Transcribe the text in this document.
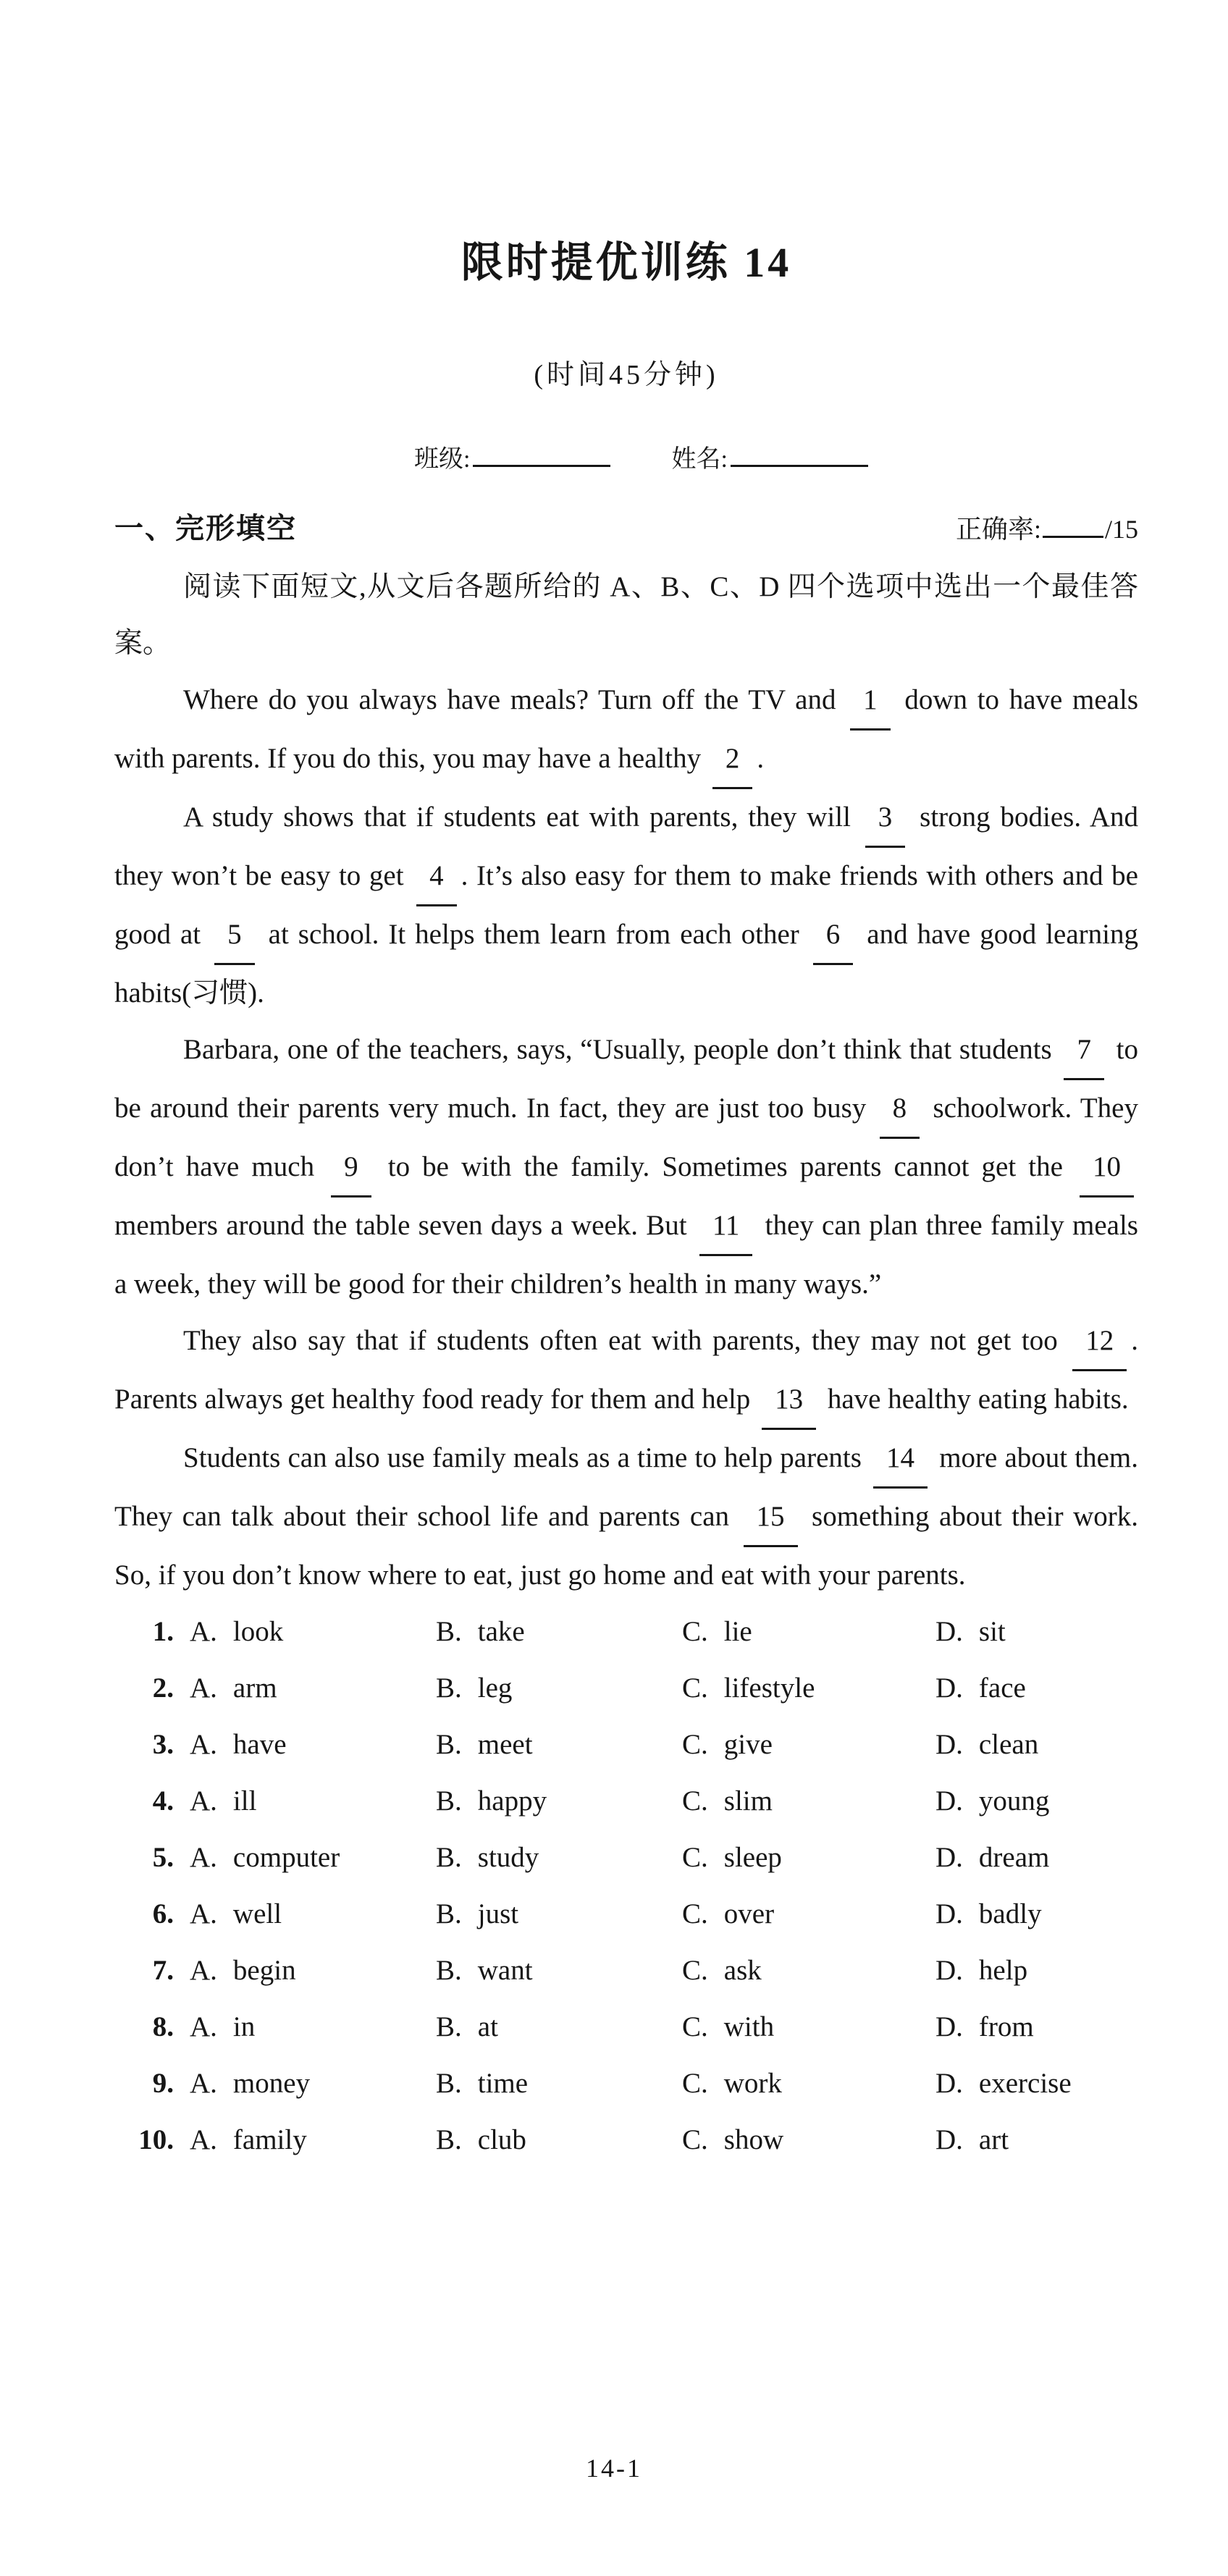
限时提优训练 14
(时间45分钟)
班级:	姓名:
一、完形填空	正确率: /15

阅读下面短文,从文后各题所给的 A、B、C、D 四个选项中选出一个最佳答案。

Where do you always have meals? Turn off the TV and 1 down to have meals with parents. If you do this, you may have a healthy 2 .

A study shows that if students eat with parents, they will 3 strong bodies. And they won’t be easy to get 4 . It’s also easy for them to make friends with others and be good at 5 at school. It helps them learn from each other 6 and have good learning habits(习惯).

Barbara, one of the teachers, says, “Usually, people don’t think that students 7 to be around their parents very much. In fact, they are just too busy 8 schoolwork. They don’t have much 9 to be with the family. Sometimes parents cannot get the 10 members around the table seven days a week. But 11 they can plan three family meals a week, they will be good for their children’s health in many ways.”

They also say that if students often eat with parents, they may not get too 12 . Parents always get healthy food ready for them and help 13 have healthy eating habits.

Students can also use family meals as a time to help parents 14 more about them. They can talk about their school life and parents can 15 something about their work. So, if you don’t know where to eat, just go home and eat with your parents.

1. A. look	B. take	C. lie	D. sit
2. A. arm	B. leg	C. lifestyle	D. face
3. A. have	B. meet	C. give	D. clean
4. A. ill	B. happy	C. slim	D. young
5. A. computer	B. study	C. sleep	D. dream
6. A. well	B. just	C. over	D. badly
7. A. begin	B. want	C. ask	D. help
8. A. in	B. at	C. with	D. from
9. A. money	B. time	C. work	D. exercise
10. A. family	B. club	C. show	D. art
14-1
